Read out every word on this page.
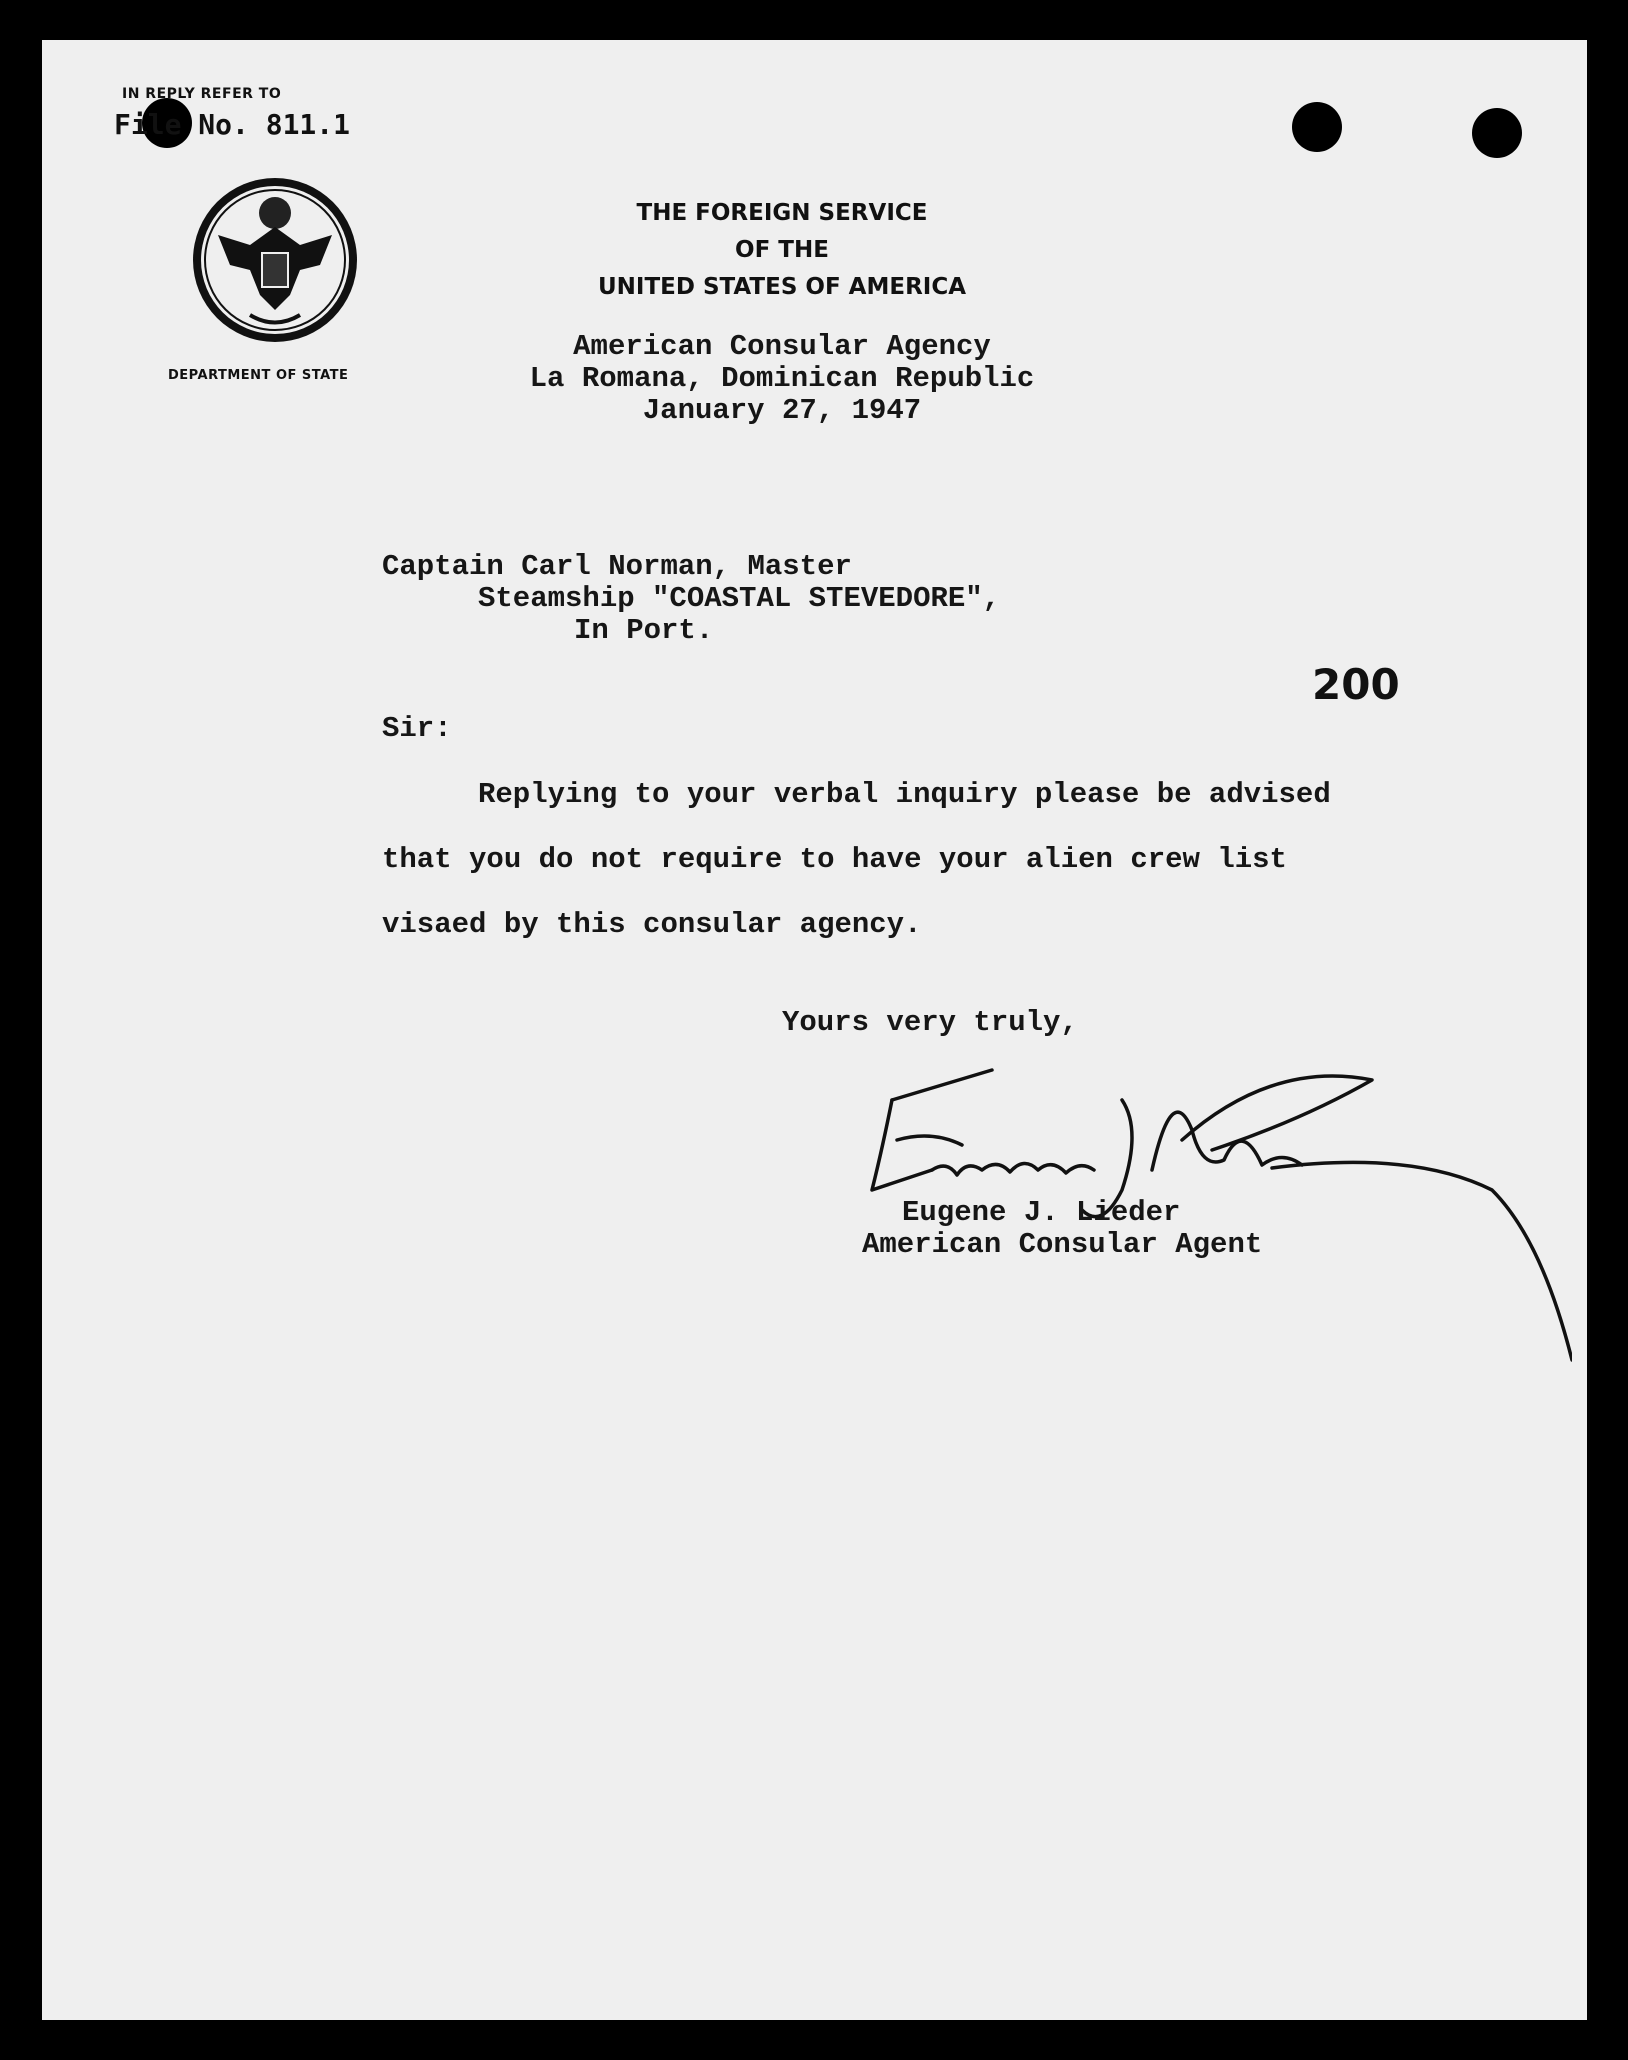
IN REPLY REFER TO
File No. 811.1
DEPARTMENT OF STATE
THE FOREIGN SERVICE
OF THE
UNITED STATES OF AMERICA
American Consular Agency
La Romana, Dominican Republic
January 27, 1947
Captain Carl Norman, Master
Steamship "COASTAL STEVEDORE",
In Port.
200
Sir:
Replying to your verbal inquiry please be advised
that you do not require to have your alien crew list
visaed by this consular agency.
Yours very truly,
Eugene J. Lieder
American Consular Agent
